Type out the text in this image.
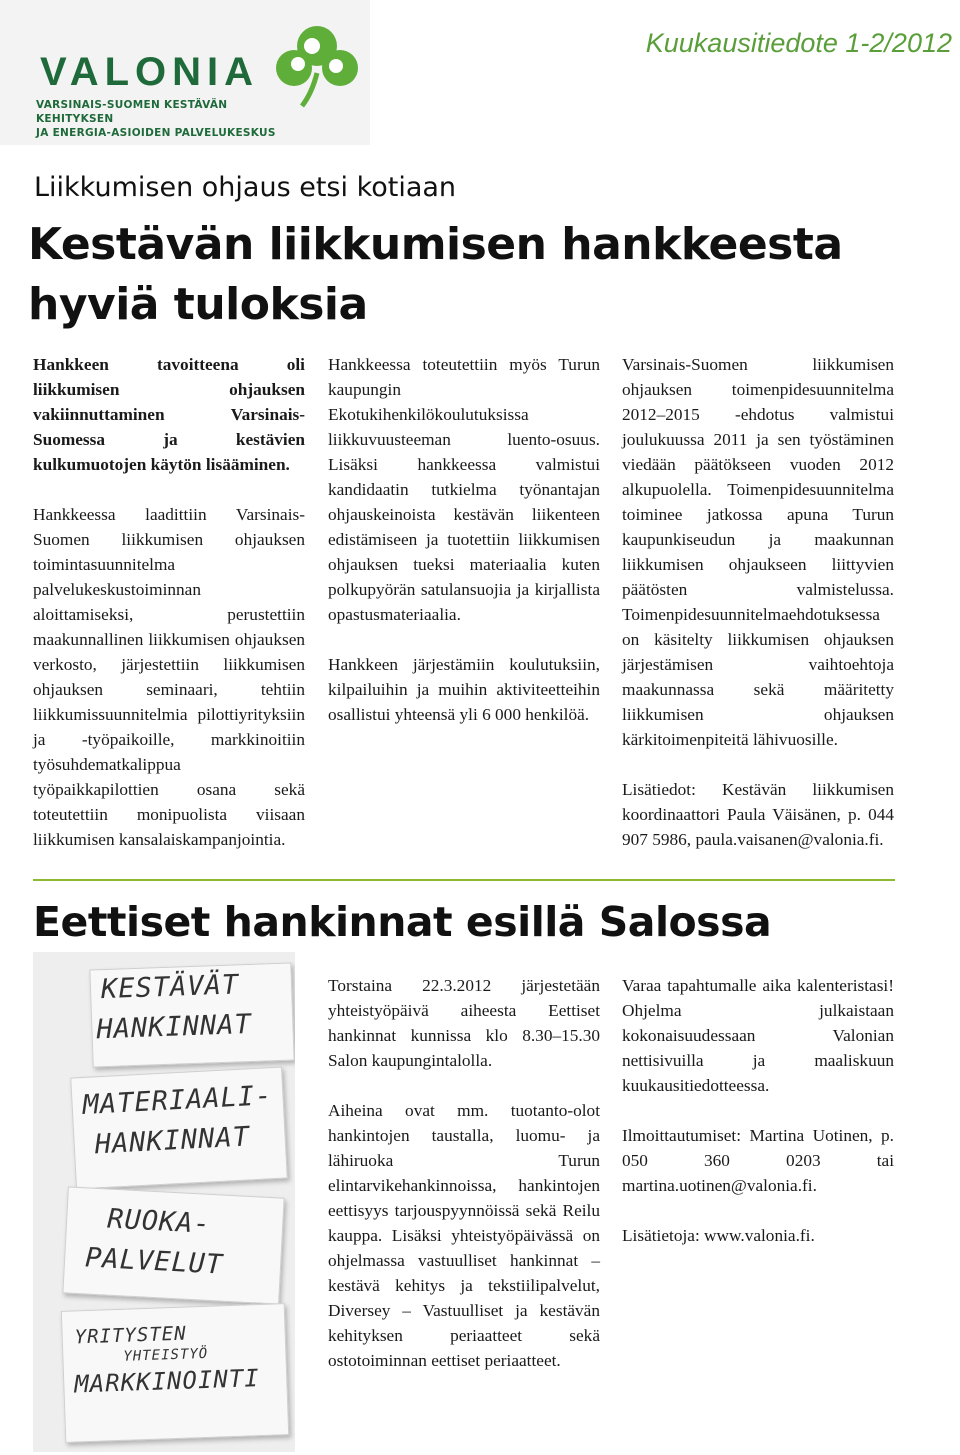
VALONIA
VARSINAIS-SUOMEN KESTÄVÄN KEHITYKSEN
JA ENERGIA-ASIOIDEN PALVELUKESKUS
Kuukausitiedote 1-2/2012
Liikkumisen ohjaus etsi kotiaan
Kestävän liikkumisen hankkeesta hyviä tuloksia

Hankkeen tavoitteena oli liikkumisen ohjauksen vakiinnuttaminen Varsinais-Suomessa ja kestävien kulkumuotojen käytön lisääminen.

Hankkeessa laadittiin Varsinais-Suomen liikkumisen ohjauksen toimintasuunnitelma palvelukeskustoiminnan aloittamiseksi, perustettiin maakunnallinen liikkumisen ohjauksen verkosto, järjestettiin liikkumisen ohjauksen seminaari, tehtiin liikkumissuunnitelmia pilottiyrityksiin ja -työpaikoille, markkinoitiin työsuhdematkalippua työpaikkapilottien osana sekä toteutettiin monipuolista viisaan liikkumisen kansalaiskampanjointia.

Hankkeessa toteutettiin myös Turun kaupungin Ekotukihenkilökoulutuksissa liikkuvuusteeman luento-osuus. Lisäksi hankkeessa valmistui kandidaatin tutkielma työnantajan ohjauskeinoista kestävän liikenteen edistämiseen ja tuotettiin liikkumisen ohjauksen tueksi materiaalia kuten polkupyörän satulansuojia ja kirjallista opastusmateriaalia.

Hankkeen järjestämiin koulutuksiin, kilpailuihin ja muihin aktiviteetteihin osallistui yhteensä yli 6 000 henkilöä.

Varsinais-Suomen liikkumisen ohjauksen toimenpidesuunnitelma 2012–2015 -ehdotus valmistui joulukuussa 2011 ja sen työstäminen viedään päätökseen vuoden 2012 alkupuolella. Toimenpidesuunnitelma toiminee jatkossa apuna Turun kaupunkiseudun ja maakunnan liikkumisen ohjaukseen liittyvien päätösten valmistelussa. Toimenpidesuunnitelmaehdotuksessa on käsitelty liikkumisen ohjauksen järjestämisen vaihtoehtoja maakunnassa sekä määritetty liikkumisen ohjauksen kärkitoimenpiteitä lähivuosille.

Lisätiedot: Kestävän liikkumisen koordinaattori Paula Väisänen, p. 044 907 5986, paula.vaisanen@valonia.fi.

Eettiset hankinnat esillä Salossa
KESTÄVÄT
HANKINNAT
MATERIAALI-
HANKINNAT
RUOKA-
PALVELUT
YRITYSTEN
YHTEISTYÖ
MARKKINOINTI

Torstaina 22.3.2012 järjestetään yhteistyöpäivä aiheesta Eettiset hankinnat kunnissa klo 8.30–15.30 Salon kaupungintalolla.

Aiheina ovat mm. tuotanto-olot hankintojen taustalla, luomu- ja lähiruoka Turun elintarvikehankinnoissa, hankintojen eettisyys tarjouspyynnöissä sekä Reilu kauppa. Lisäksi yhteistyöpäivässä on ohjelmassa vastuulliset hankinnat – kestävä kehitys ja tekstiilipalvelut, Diversey – Vastuulliset ja kestävän kehityksen periaatteet sekä ostotoiminnan eettiset periaatteet.

Varaa tapahtumalle aika kalenteristasi! Ohjelma julkaistaan kokonaisuudessaan Valonian nettisivuilla ja maaliskuun kuukausitiedotteessa.

Ilmoittautumiset: Martina Uotinen, p. 050 360 0203 tai martina.uotinen@valonia.fi.

Lisätietoja: www.valonia.fi.
